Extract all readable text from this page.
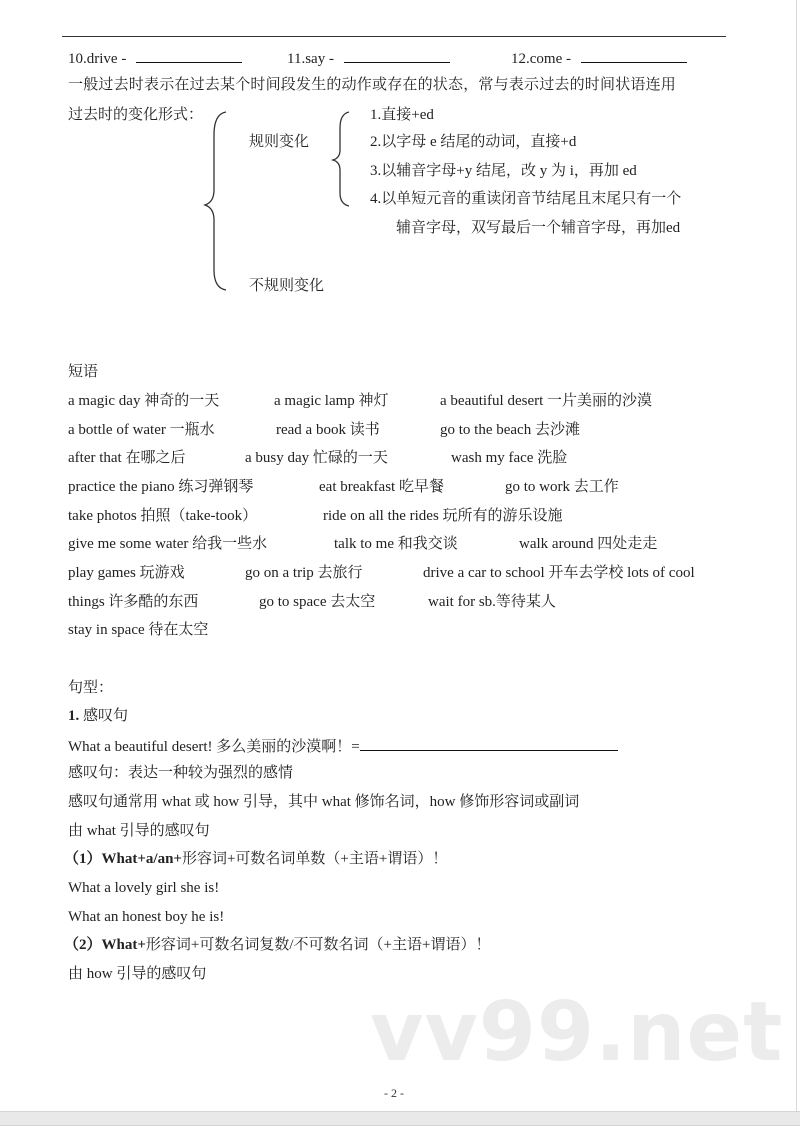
vv99.net
10.drive -	11.say -	12.come -
一般过去时表示在过去某个时间段发生的动作或存在的状态，常与表示过去的时间状语连用
过去时的变化形式：
规则变化
不规则变化
1.直接+ed
2.以字母 e 结尾的动词，直接+d
3.以辅音字母+y 结尾，改 y 为 i，再加 ed
4.以单短元音的重读闭音节结尾且末尾只有一个
辅音字母，双写最后一个辅音字母，再加ed
短语
a magic day 神奇的一天	a magic lamp 神灯	a beautiful desert 一片美丽的沙漠
a bottle of water 一瓶水	read a book 读书	go to the beach 去沙滩
after that 在哪之后	a busy day 忙碌的一天	wash my face 洗脸
practice the piano 练习弹钢琴	eat breakfast 吃早餐	go to work 去工作
take photos 拍照（take-took）	ride on all the rides 玩所有的游乐设施
give me some water 给我一些水	talk to me 和我交谈	walk around 四处走走
play games 玩游戏	go on a trip 去旅行	drive a car to school 开车去学校 lots of cool
things 许多酷的东西	go to space 去太空	wait for sb.等待某人
stay in space 待在太空
句型：
1. 感叹句
What a beautiful desert! 多么美丽的沙漠啊！=
感叹句：表达一种较为强烈的感情
感叹句通常用 what 或 how 引导，其中 what 修饰名词，how 修饰形容词或副词
由 what 引导的感叹句
（1）What+a/an+形容词+可数名词单数（+主语+谓语）！
What a lovely girl she is!
What an honest boy he is!
（2）What+形容词+可数名词复数/不可数名词（+主语+谓语）！
由 how 引导的感叹句
- 2 -
